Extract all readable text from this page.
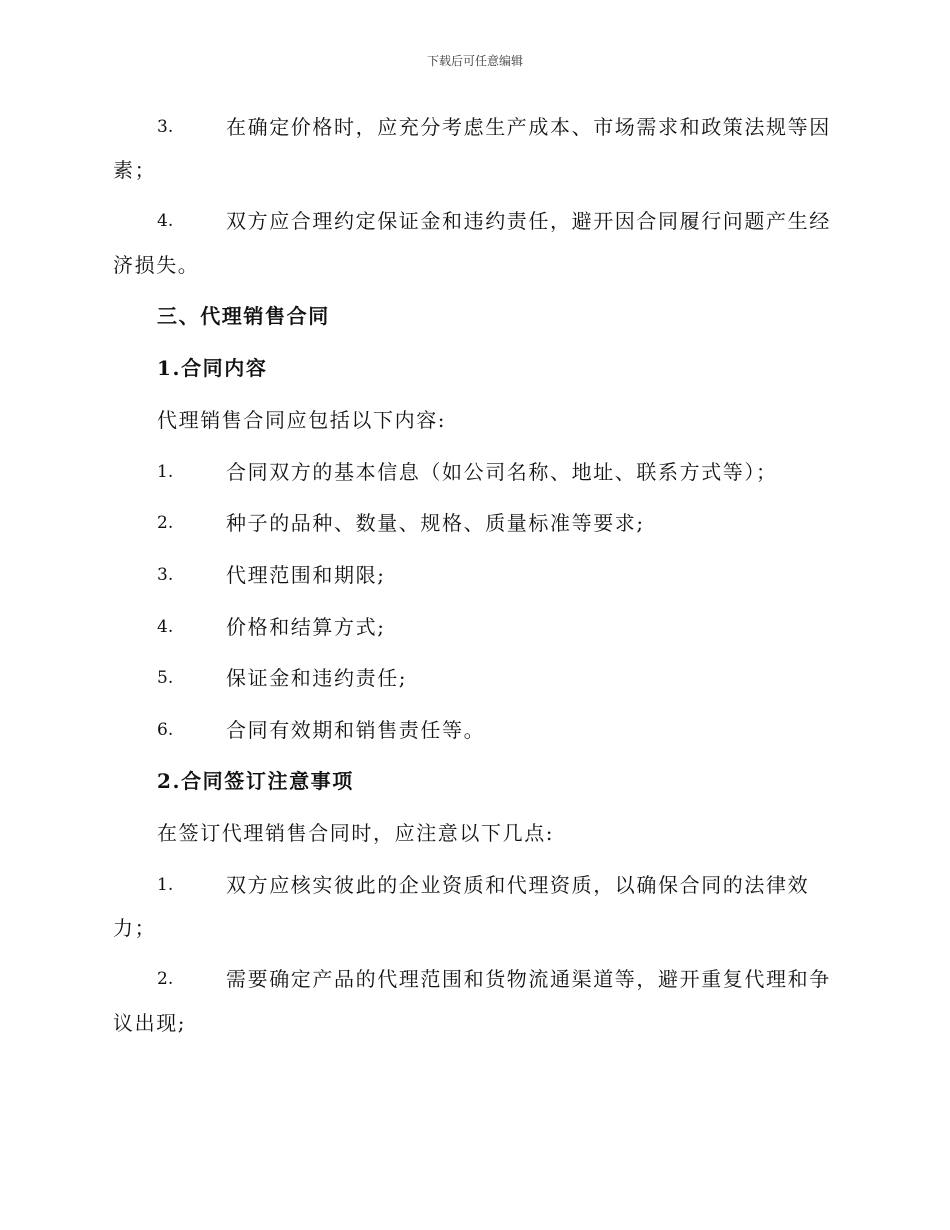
下载后可任意编辑
3.	在确定价格时，应充分考虑生产成本、市场需求和政策法规等因
素；
4.	双方应合理约定保证金和违约责任，避开因合同履行问题产生经
济损失。
三、代理销售合同
1.合同内容
代理销售合同应包括以下内容:
1.	合同双方的基本信息（如公司名称、地址、联系方式等）；
2.	种子的品种、数量、规格、质量标准等要求;
3.	代理范围和期限;
4.	价格和结算方式;
5.	保证金和违约责任;
6.	合同有效期和销售责任等。
2.合同签订注意事项
在签订代理销售合同时，应注意以下几点:
1.	双方应核实彼此的企业资质和代理资质，以确保合同的法律效
力；
2.	需要确定产品的代理范围和货物流通渠道等，避开重复代理和争
议出现;
